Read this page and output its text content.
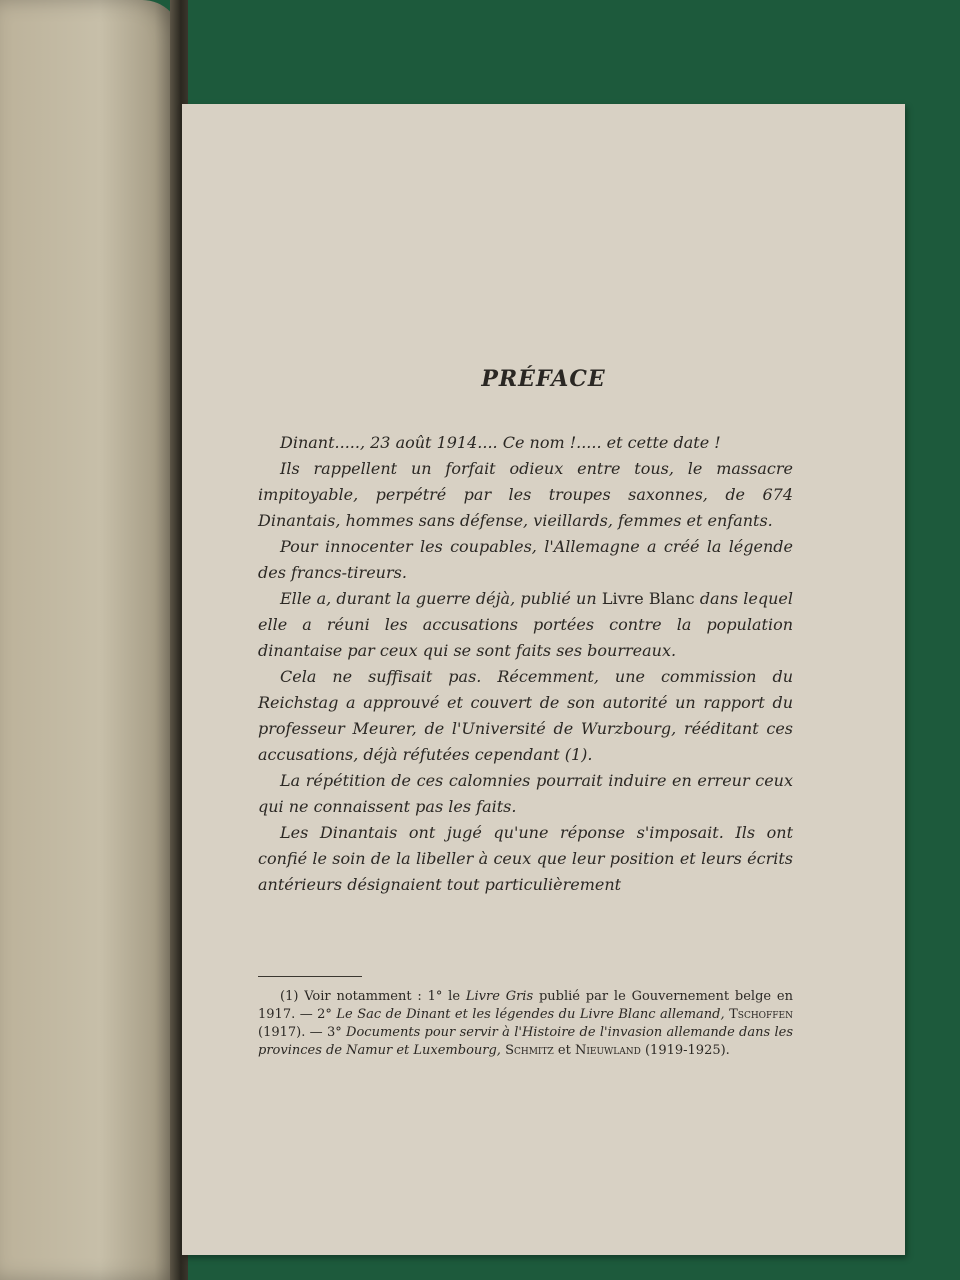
PRÉFACE

Dinant....., 23 août 1914.... Ce nom !..... et cette date !

Ils rappellent un forfait odieux entre tous, le massacre impitoyable, perpétré par les troupes saxonnes, de 674 Dinantais, hommes sans défense, vieillards, femmes et enfants.

Pour innocenter les coupables, l'Allemagne a créé la légende des francs-tireurs.

Elle a, durant la guerre déjà, publié un Livre Blanc dans lequel elle a réuni les accusations portées contre la population dinantaise par ceux qui se sont faits ses bourreaux.

Cela ne suffisait pas. Récemment, une commission du Reichstag a approuvé et couvert de son autorité un rapport du professeur Meurer, de l'Université de Wurzbourg, rééditant ces accusations, déjà réfutées cependant (1).

La répétition de ces calomnies pourrait induire en erreur ceux qui ne connaissent pas les faits.

Les Dinantais ont jugé qu'une réponse s'imposait. Ils ont confié le soin de la libeller à ceux que leur position et leurs écrits antérieurs désignaient tout particulièrement

(1) Voir notamment : 1° le Livre Gris publié par le Gouvernement belge en 1917. — 2° Le Sac de Dinant et les légendes du Livre Blanc allemand, Tschoffen (1917). — 3° Documents pour servir à l'Histoire de l'invasion allemande dans les provinces de Namur et Luxembourg, Schmitz et Nieuwland (1919-1925).
